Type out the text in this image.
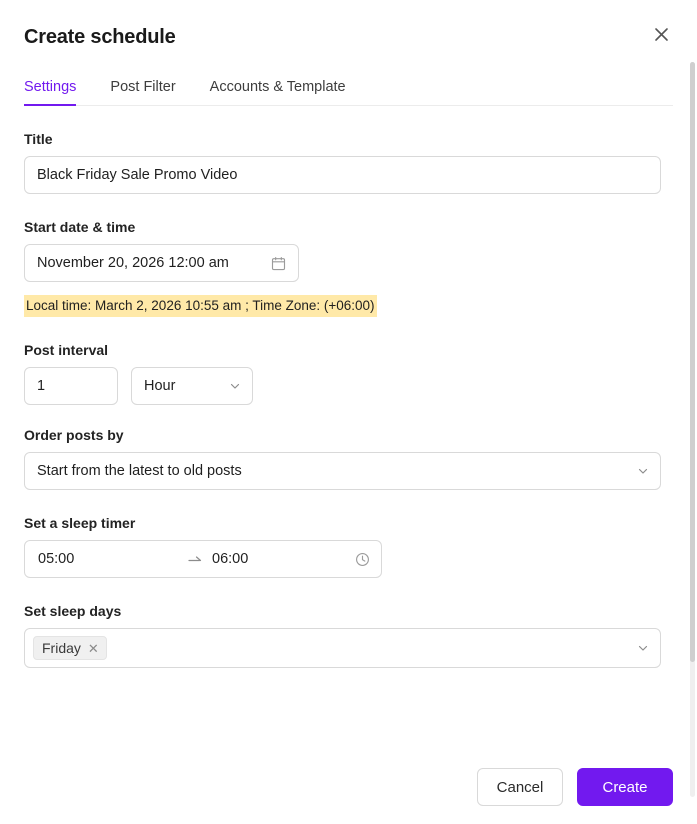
Create schedule
Settings Post Filter Accounts & Template
Title
Black Friday Sale Promo Video
Start date & time
November 20, 2026 12:00 am
Local time: March 2, 2026 10:55 am ; Time Zone: (+06:00)
Post interval
1	Hour
Order posts by
Start from the latest to old posts
Set a sleep timer
05:00	06:00
Set sleep days
Friday ✕
Cancel	Create
